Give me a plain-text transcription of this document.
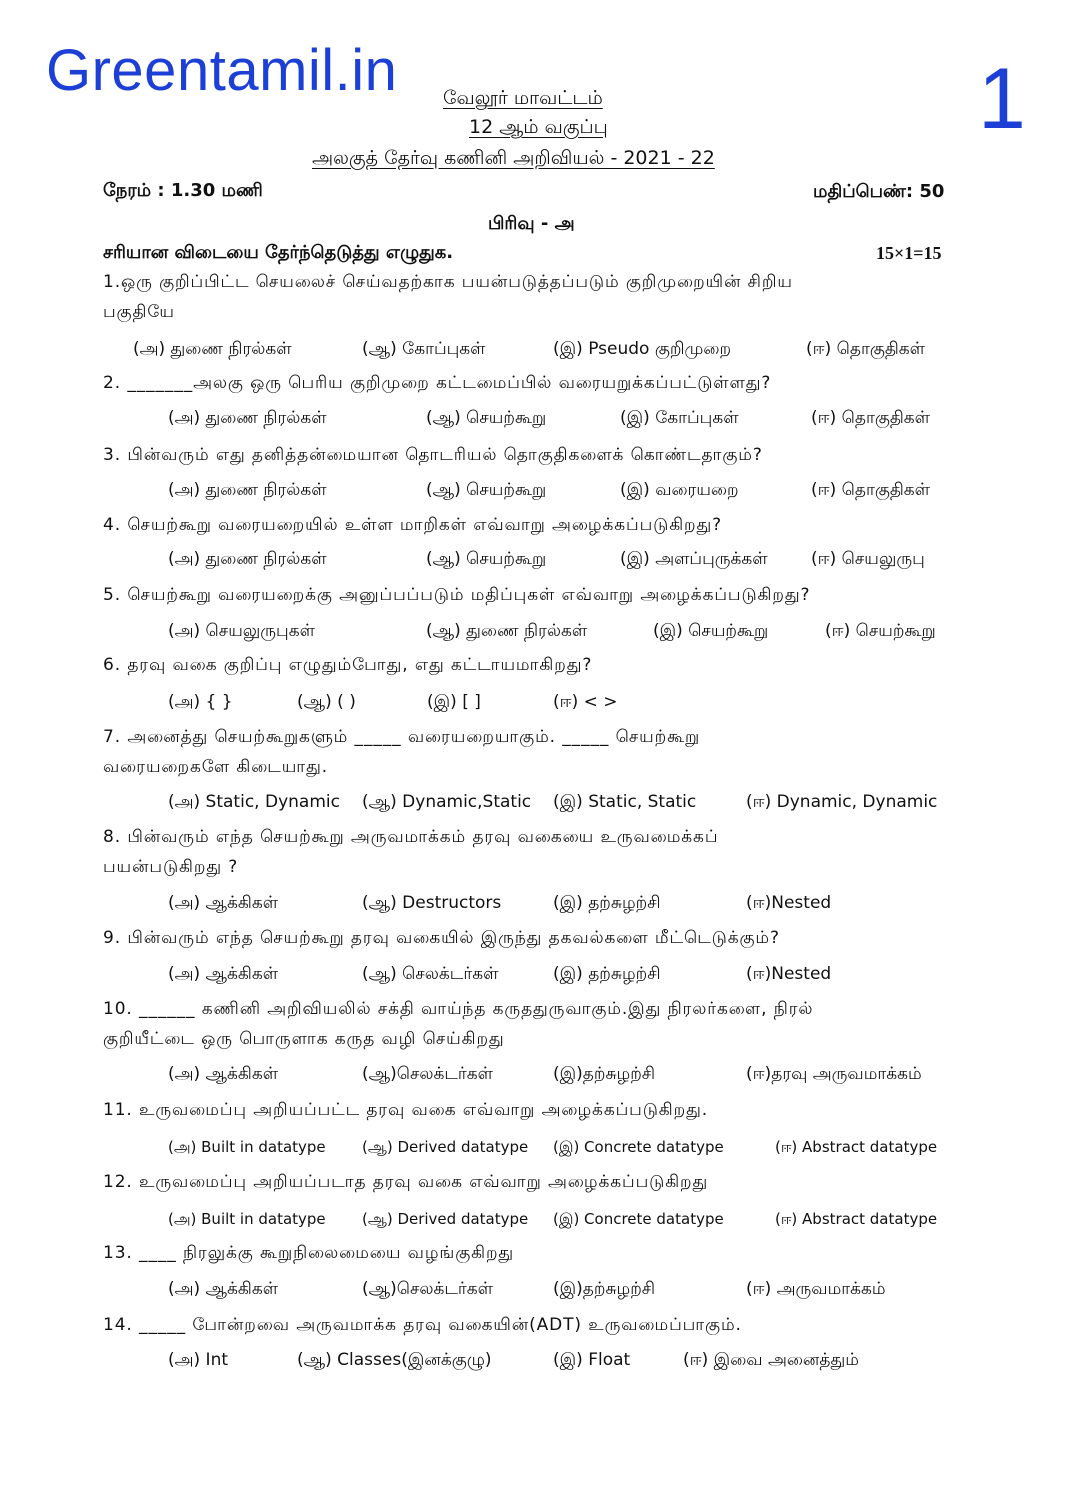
Greentamil.in	1
வேலூர் மாவட்டம்
12 ஆம் வகுப்பு
அலகுத் தேர்வு கணினி அறிவியல் - 2021 - 22
நேரம் : 1.30 மணி	மதிப்பெண்: 50
பிரிவு - அ
சரியான விடையை தேர்ந்தெடுத்து எழுதுக.	15×1=15
1.ஒரு குறிப்பிட்ட செயலைச் செய்வதற்காக பயன்படுத்தப்படும் குறிமுறையின் சிறிய
பகுதியே
(அ) துணை நிரல்கள்	(ஆ) கோப்புகள்	(இ) Pseudo குறிமுறை	(ஈ) தொகுதிகள்
2. _______அலகு ஒரு பெரிய குறிமுறை கட்டமைப்பில் வரையறுக்கப்பட்டுள்ளது?
(அ) துணை நிரல்கள்	(ஆ) செயற்கூறு	(இ) கோப்புகள்	(ஈ) தொகுதிகள்
3. பின்வரும் எது தனித்தன்மையான தொடரியல் தொகுதிகளைக் கொண்டதாகும்?
(அ) துணை நிரல்கள்	(ஆ) செயற்கூறு	(இ) வரையறை	(ஈ) தொகுதிகள்
4. செயற்கூறு வரையறையில் உள்ள மாறிகள் எவ்வாறு அழைக்கப்படுகிறது?
(அ) துணை நிரல்கள்	(ஆ) செயற்கூறு	(இ) அளப்புருக்கள்	(ஈ) செயலுருபு
5. செயற்கூறு வரையறைக்கு அனுப்பப்படும் மதிப்புகள் எவ்வாறு அழைக்கப்படுகிறது?
(அ) செயலுருபுகள்	(ஆ) துணை நிரல்கள்	(இ) செயற்கூறு	(ஈ) செயற்கூறு
6. தரவு வகை குறிப்பு எழுதும்போது, எது கட்டாயமாகிறது?
(அ) { }	(ஆ) ( )	(இ) [ ]	(ஈ) < >
7. அனைத்து செயற்கூறுகளும் _____ வரையறையாகும். _____ செயற்கூறு
வரையறைகளே கிடையாது.
(அ) Static, Dynamic (ஆ) Dynamic,Static (இ) Static, Static	(ஈ) Dynamic, Dynamic
8. பின்வரும் எந்த செயற்கூறு அருவமாக்கம் தரவு வகையை உருவமைக்கப்
பயன்படுகிறது ?
(அ) ஆக்கிகள்	(ஆ) Destructors	(இ) தற்சுழற்சி	(ஈ)Nested
9. பின்வரும் எந்த செயற்கூறு தரவு வகையில் இருந்து தகவல்களை மீட்டெடுக்கும்?
(அ) ஆக்கிகள்	(ஆ) செலக்டர்கள்	(இ) தற்சுழற்சி	(ஈ)Nested
10. ______ கணினி அறிவியலில் சக்தி வாய்ந்த கருததுருவாகும்.இது நிரலர்களை, நிரல்
குறியீட்டை ஒரு பொருளாக கருத வழி செய்கிறது
(அ) ஆக்கிகள்	(ஆ)செலக்டர்கள்	(இ)தற்சுழற்சி	(ஈ)தரவு அருவமாக்கம்
11. உருவமைப்பு அறியப்பட்ட தரவு வகை எவ்வாறு அழைக்கப்படுகிறது.
(அ) Built in datatype (ஆ) Derived datatype (இ) Concrete datatype	(ஈ) Abstract datatype
12. உருவமைப்பு அறியப்படாத தரவு வகை எவ்வாறு அழைக்கப்படுகிறது
(அ) Built in datatype (ஆ) Derived datatype (இ) Concrete datatype	(ஈ) Abstract datatype
13. ____ நிரலுக்கு கூறுநிலைமையை வழங்குகிறது
(அ) ஆக்கிகள்	(ஆ)செலக்டர்கள்	(இ)தற்சுழற்சி	(ஈ) அருவமாக்கம்
14. _____ போன்றவை அருவமாக்க தரவு வகையின்(ADT) உருவமைப்பாகும்.
(அ) Int	(ஆ) Classes(இனக்குழு)	(இ) Float	(ஈ) இவை அனைத்தும்
